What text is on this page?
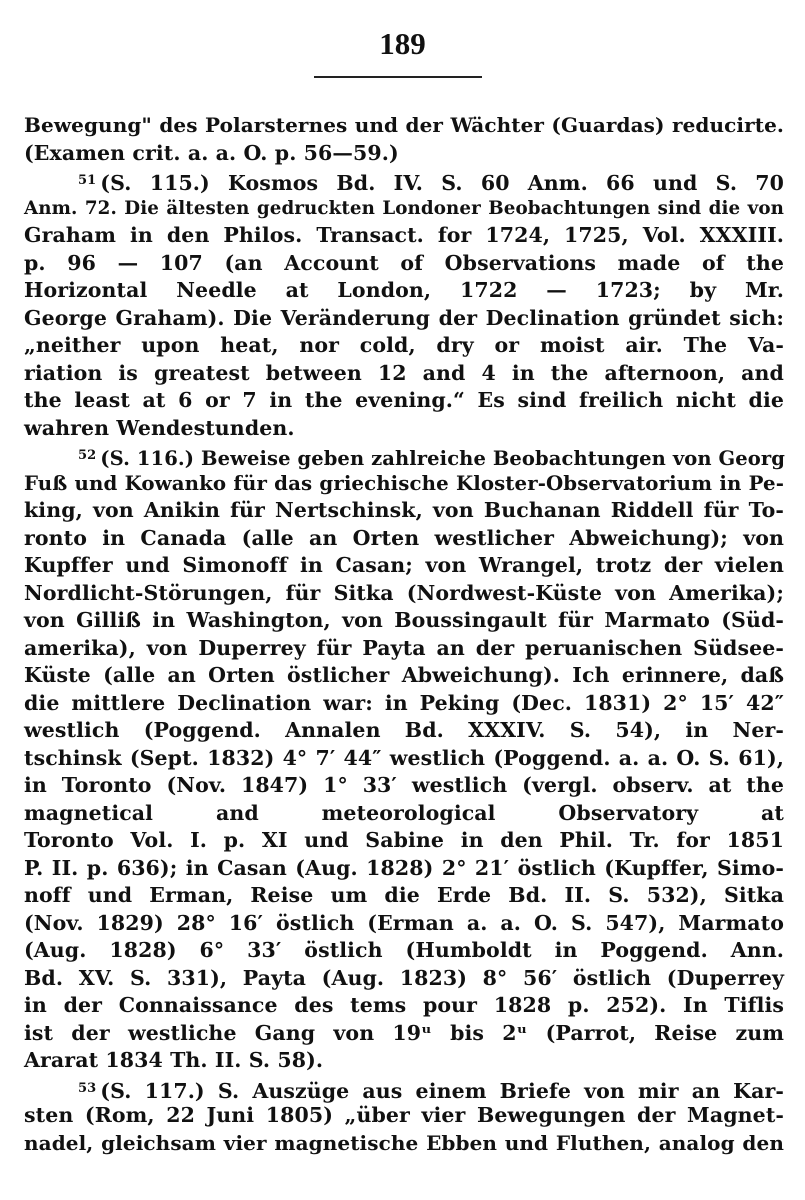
189
Bewegung" des Polarsternes und der Wächter (Guardas) reducirte.
(Examen crit. a. a. O. p. 56—59.)
$^{51}$ (S. 115.) Kosmos Bd. IV. S. 60 Anm. 66 und S. 70
Anm. 72. Die ältesten gedruckten Londoner Beobachtungen sind die von
Graham in den Philos. Transact. for 1724, 1725, Vol. XXXIII.
p. 96 — 107 (an Account of Observations made of the
Horizontal Needle at London, 1722 — 1723; by Mr.
George Graham). Die Veränderung der Declination gründet sich:
„neither upon heat, nor cold, dry or moist air. The Va-
riation is greatest between 12 and 4 in the afternoon, and
the least at 6 or 7 in the evening.“ Es sind freilich nicht die
wahren Wendestunden.
$^{52}$ (S. 116.) Beweise geben zahlreiche Beobachtungen von Georg
Fuß und Kowanko für das griechische Kloster-Observatorium in Pe-
king, von Anikin für Nertschinsk, von Buchanan Riddell für To-
ronto in Canada (alle an Orten westlicher Abweichung); von
Kupffer und Simonoff in Casan; von Wrangel, trotz der vielen
Nordlicht-Störungen, für Sitka (Nordwest-Küste von Amerika);
von Gilliß in Washington, von Boussingault für Marmato (Süd-
amerika), von Duperrey für Payta an der peruanischen Südsee-
Küste (alle an Orten östlicher Abweichung). Ich erinnere, daß
die mittlere Declination war: in Peking (Dec. 1831) 2° 15′ 42″
westlich (Poggend. Annalen Bd. XXXIV. S. 54), in Ner-
tschinsk (Sept. 1832) 4° 7′ 44″ westlich (Poggend. a. a. O. S. 61),
in Toronto (Nov. 1847) 1° 33′ westlich (vergl. observ. at the
magnetical and meteorological Observatory at
Toronto Vol. I. p. XI und Sabine in den Phil. Tr. for 1851
P. II. p. 636); in Casan (Aug. 1828) 2° 21′ östlich (Kupffer, Simo-
noff und Erman, Reise um die Erde Bd. II. S. 532), Sitka
(Nov. 1829) 28° 16′ östlich (Erman a. a. O. S. 547), Marmato
(Aug. 1828) 6° 33′ östlich (Humboldt in Poggend. Ann.
Bd. XV. S. 331), Payta (Aug. 1823) 8° 56′ östlich (Duperrey
in der Connaissance des tems pour 1828 p. 252). In Tiflis
ist der westliche Gang von 19ᵘ bis 2ᵘ (Parrot, Reise zum
Ararat 1834 Th. II. S. 58).
$^{53}$ (S. 117.) S. Auszüge aus einem Briefe von mir an Kar-
sten (Rom, 22 Juni 1805) „über vier Bewegungen der Magnet-
nadel, gleichsam vier magnetische Ebben und Fluthen, analog den
